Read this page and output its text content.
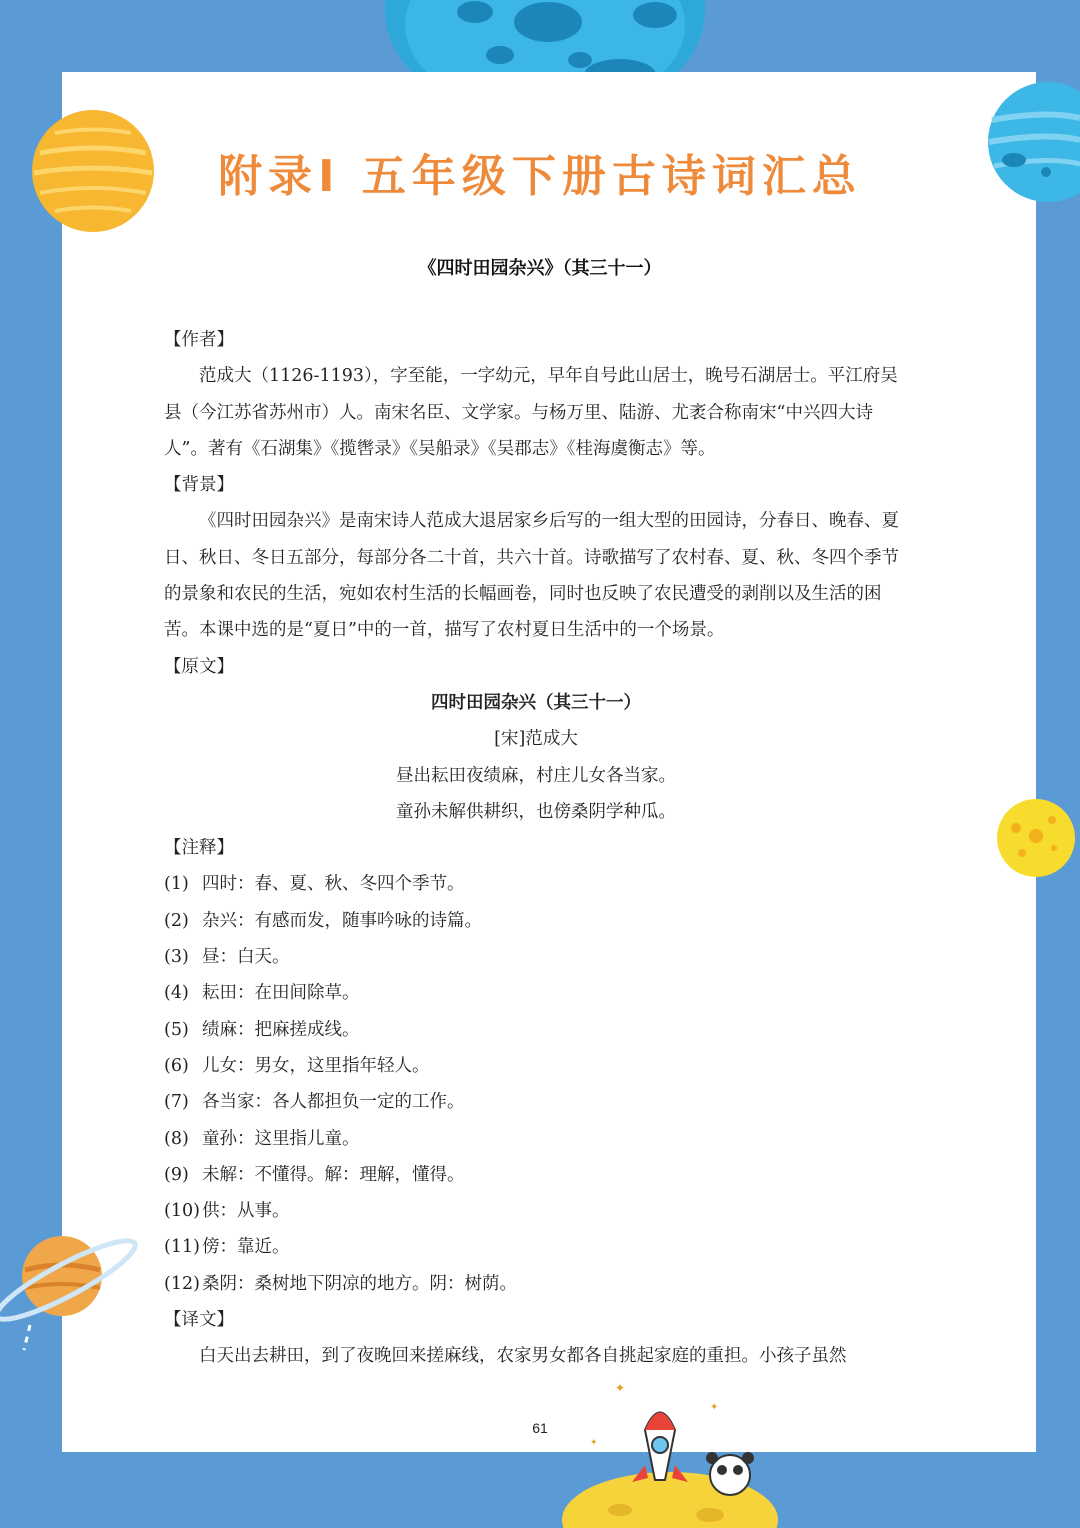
✦
✦
✦
附录Ⅰ 五年级下册古诗词汇总
《四时田园杂兴》（其三十一）

【作者】

范成大（1126-1193），字至能，一字幼元，早年自号此山居士，晚号石湖居士。平江府吴县（今江苏省苏州市）人。南宋名臣、文学家。与杨万里、陆游、尤袤合称南宋“中兴四大诗人”。著有《石湖集》《揽辔录》《吴船录》《吴郡志》《桂海虞衡志》等。

【背景】

《四时田园杂兴》是南宋诗人范成大退居家乡后写的一组大型的田园诗，分春日、晚春、夏日、秋日、冬日五部分，每部分各二十首，共六十首。诗歌描写了农村春、夏、秋、冬四个季节的景象和农民的生活，宛如农村生活的长幅画卷，同时也反映了农民遭受的剥削以及生活的困苦。本课中选的是“夏日”中的一首，描写了农村夏日生活中的一个场景。

【原文】

四时田园杂兴（其三十一）

[宋]范成大

昼出耘田夜绩麻，村庄儿女各当家。

童孙未解供耕织，也傍桑阴学种瓜。

【注释】

(1) 四时：春、夏、秋、冬四个季节。

(2) 杂兴：有感而发，随事吟咏的诗篇。

(3) 昼：白天。

(4) 耘田：在田间除草。

(5) 绩麻：把麻搓成线。

(6) 儿女：男女，这里指年轻人。

(7) 各当家：各人都担负一定的工作。

(8) 童孙：这里指儿童。

(9) 未解：不懂得。解：理解，懂得。

(10) 供：从事。

(11) 傍：靠近。

(12) 桑阴：桑树地下阴凉的地方。阴：树荫。

【译文】

白天出去耕田，到了夜晚回来搓麻线，农家男女都各自挑起家庭的重担。小孩子虽然

61
